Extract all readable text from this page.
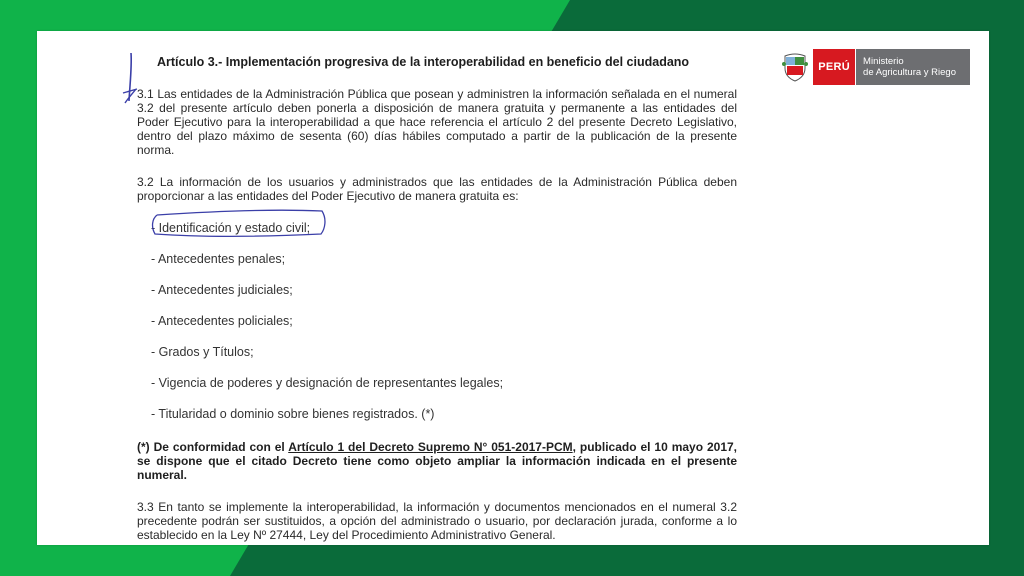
Artículo 3.- Implementación progresiva de la interoperabilidad en beneficio del ciudadano

3.1 Las entidades de la Administración Pública que posean y administren la información señalada en el numeral 3.2 del presente artículo deben ponerla a disposición de manera gratuita y permanente a las entidades del Poder Ejecutivo para la interoperabilidad a que hace referencia el artículo 2 del presente Decreto Legislativo, dentro del plazo máximo de sesenta (60) días hábiles computado a partir de la publicación de la presente norma.

3.2 La información de los usuarios y administrados que las entidades de la Administración Pública deben proporcionar a las entidades del Poder Ejecutivo de manera gratuita es:

- Identificación y estado civil;
- Antecedentes penales;
- Antecedentes judiciales;
- Antecedentes policiales;
- Grados y Títulos;
- Vigencia de poderes y designación de representantes legales;
- Titularidad o dominio sobre bienes registrados. (*)

(*) De conformidad con el Artículo 1 del Decreto Supremo N° 051-2017-PCM, publicado el 10 mayo 2017, se dispone que el citado Decreto tiene como objeto ampliar la información indicada en el presente numeral.

3.3 En tanto se implemente la interoperabilidad, la información y documentos mencionados en el numeral 3.2 precedente podrán ser sustituidos, a opción del administrado o usuario, por declaración jurada, conforme a lo establecido en la Ley Nº 27444, Ley del Procedimiento Administrativo General.

PERÚ	Ministerio
de Agricultura y Riego
